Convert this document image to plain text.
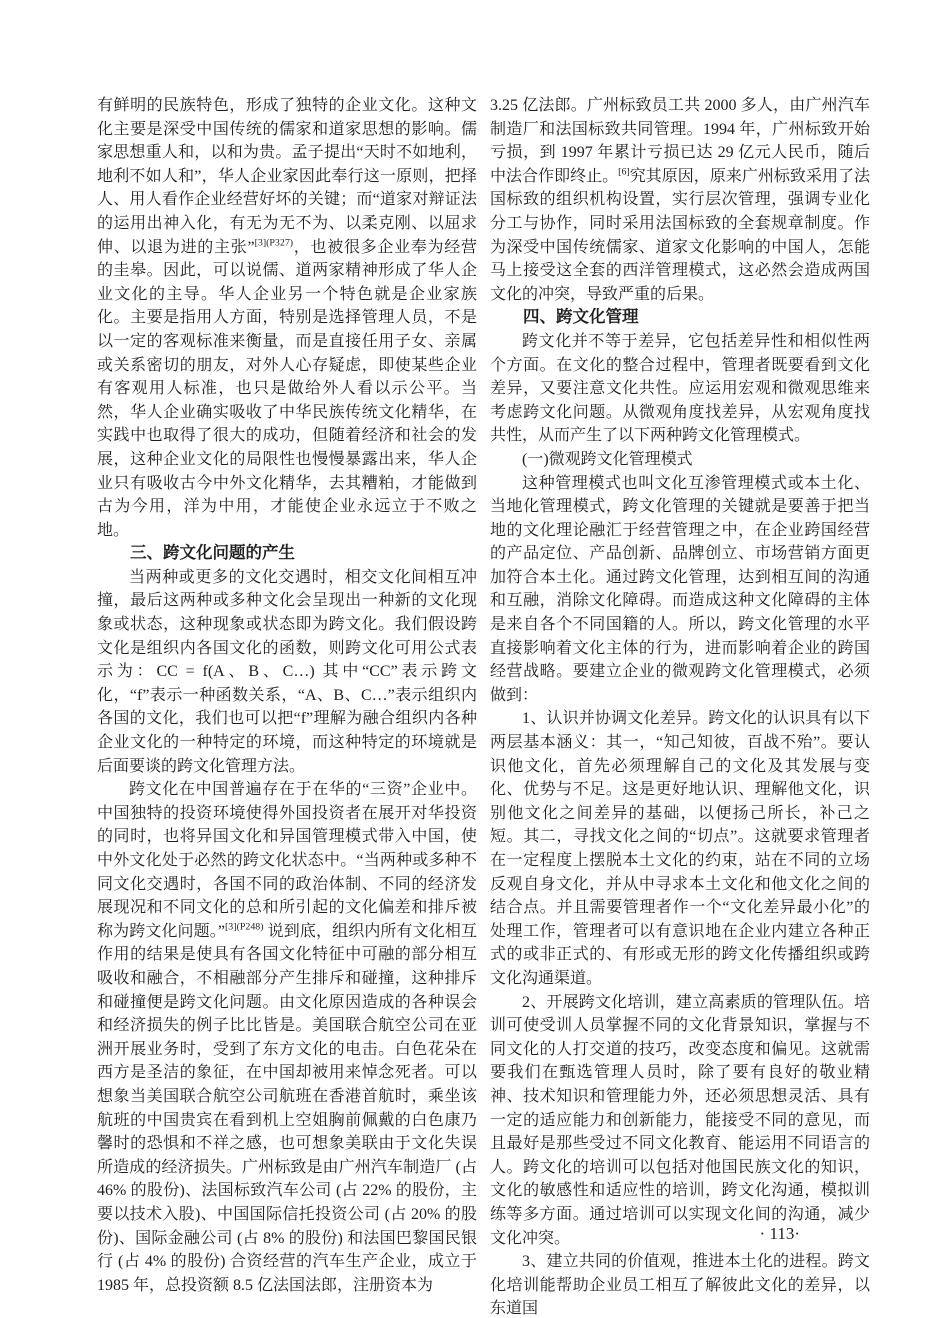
有鲜明的民族特色，形成了独特的企业文化。这种文化主要是深受中国传统的儒家和道家思想的影响。儒家思想重人和，以和为贵。孟子提出“天时不如地利，地利不如人和”，华人企业家因此奉行这一原则，把择人、用人看作企业经营好坏的关键；而“道家对辩证法的运用出神入化，有无为无不为、以柔克刚、以屈求伸、以退为进的主张”$^{[3](P327)}$，也被很多企业奉为经营的圭皋。因此，可以说儒、道两家精神形成了华人企业文化的主导。华人企业另一个特色就是企业家族化。主要是指用人方面，特别是选择管理人员，不是以一定的客观标准来衡量，而是直接任用子女、亲属或关系密切的朋友，对外人心存疑虑，即使某些企业有客观用人标准，也只是做给外人看以示公平。当然，华人企业确实吸收了中华民族传统文化精华，在实践中也取得了很大的成功，但随着经济和社会的发展，这种企业文化的局限性也慢慢暴露出来，华人企业只有吸收古今中外文化精华，去其糟粕，才能做到古为今用，洋为中用，才能使企业永远立于不败之地。

三、跨文化问题的产生

当两种或更多的文化交遇时，相交文化间相互冲撞，最后这两种或多种文化会呈现出一种新的文化现象或状态，这种现象或状态即为跨文化。我们假设跨文化是组织内各国文化的函数，则跨文化可用公式表示为：CC = f(A、B、C…) 其中“CC”表示跨文化，“f”表示一种函数关系，“A、B、C…”表示组织内各国的文化，我们也可以把“f”理解为融合组织内各种企业文化的一种特定的环境，而这种特定的环境就是后面要谈的跨文化管理方法。

跨文化在中国普遍存在于在华的“三资”企业中。中国独特的投资环境使得外国投资者在展开对华投资的同时，也将异国文化和异国管理模式带入中国，使中外文化处于必然的跨文化状态中。“当两种或多种不同文化交遇时，各国不同的政治体制、不同的经济发展现况和不同文化的总和所引起的文化偏差和排斥被称为跨文化问题。”$^{[3](P248)}$ 说到底，组织内所有文化相互作用的结果是使具有各国文化特征中可融的部分相互吸收和融合，不相融部分产生排斥和碰撞，这种排斥和碰撞便是跨文化问题。由文化原因造成的各种误会和经济损失的例子比比皆是。美国联合航空公司在亚洲开展业务时，受到了东方文化的电击。白色花朵在西方是圣洁的象征，在中国却被用来悼念死者。可以想象当美国联合航空公司航班在香港首航时，乘坐该航班的中国贵宾在看到机上空姐胸前佩戴的白色康乃馨时的恐惧和不祥之感，也可想象美联由于文化失误所造成的经济损失。广州标致是由广州汽车制造厂 (占 46% 的股份)、法国标致汽车公司 (占 22% 的股份，主要以技术入股)、中国国际信托投资公司 (占 20% 的股份)、国际金融公司 (占 8% 的股份) 和法国巴黎国民银行 (占 4% 的股份) 合资经营的汽车生产企业，成立于 1985 年，总投资额 8.5 亿法国法郎，注册资本为

3.25 亿法郎。广州标致员工共 2000 多人，由广州汽车制造厂和法国标致共同管理。1994 年，广州标致开始亏损，到 1997 年累计亏损已达 29 亿元人民币，随后中法合作即终止。[6]究其原因，原来广州标致采用了法国标致的组织机构设置，实行层次管理，强调专业化分工与协作，同时采用法国标致的全套规章制度。作为深受中国传统儒家、道家文化影响的中国人，怎能马上接受这全套的西洋管理模式，这必然会造成两国文化的冲突，导致严重的后果。

四、跨文化管理

跨文化并不等于差异，它包括差异性和相似性两个方面。在文化的整合过程中，管理者既要看到文化差异，又要注意文化共性。应运用宏观和微观思维来考虑跨文化问题。从微观角度找差异，从宏观角度找共性，从而产生了以下两种跨文化管理模式。

(一)微观跨文化管理模式

这种管理模式也叫文化互渗管理模式或本土化、当地化管理模式，跨文化管理的关键就是要善于把当地的文化理论融汇于经营管理之中，在企业跨国经营的产品定位、产品创新、品牌创立、市场营销方面更加符合本土化。通过跨文化管理，达到相互间的沟通和互融，消除文化障碍。而造成这种文化障碍的主体是来自各个不同国籍的人。所以，跨文化管理的水平直接影响着文化主体的行为，进而影响着企业的跨国经营战略。要建立企业的微观跨文化管理模式，必须做到：

1、认识并协调文化差异。跨文化的认识具有以下两层基本涵义：其一，“知己知彼，百战不殆”。要认识他文化，首先必须理解自己的文化及其发展与变化、优势与不足。这是更好地认识、理解他文化，识别他文化之间差异的基础，以便扬己所长，补己之短。其二，寻找文化之间的“切点”。这就要求管理者在一定程度上摆脱本土文化的约束，站在不同的立场反观自身文化，并从中寻求本土文化和他文化之间的结合点。并且需要管理者作一个“文化差异最小化”的处理工作，管理者可以有意识地在企业内建立各种正式的或非正式的、有形或无形的跨文化传播组织或跨文化沟通渠道。

2、开展跨文化培训，建立高素质的管理队伍。培训可使受训人员掌握不同的文化背景知识，掌握与不同文化的人打交道的技巧，改变态度和偏见。这就需要我们在甄选管理人员时，除了要有良好的敬业精神、技术知识和管理能力外，还必须思想灵活、具有一定的适应能力和创新能力，能接受不同的意见，而且最好是那些受过不同文化教育、能运用不同语言的人。跨文化的培训可以包括对他国民族文化的知识，文化的敏感性和适应性的培训，跨文化沟通，模拟训练等多方面。通过培训可以实现文化间的沟通，减少文化冲突。

3、建立共同的价值观，推进本土化的进程。跨文化培训能帮助企业员工相互了解彼此文化的差异，以东道国

· 113·
